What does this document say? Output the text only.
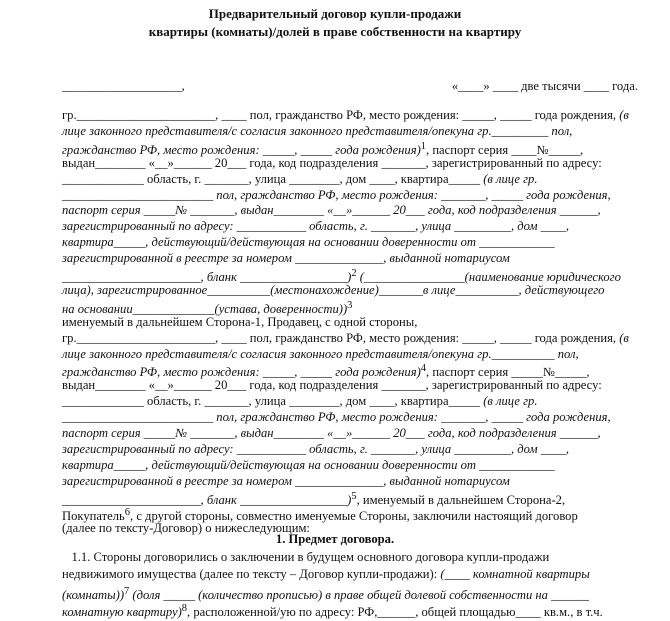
Предварительный договор купли-продажи
квартиры (комнаты)/долей в праве собственности на квартиру
___________________,	«____» ____ две тысячи ____ года.
гр.______________________, ____ пол, гражданство РФ, место рождения: _____, _____ года рождения, (в
лице законного представителя/с согласия законного представителя/опекуна гр._________ пол,
гражданство РФ, место рождения: _____, _____ года рождения)$^1$, паспорт серия ____№_____,
выдан________ «__»______ 20___ года, код подразделения _______, зарегистрированный по адресу:
_____________ область, г. _______, улица ________, дом ____, квартира_____ (в лице гр.
________________________ пол, гражданство РФ, место рождения: _______, _____ года рождения,
паспорт серия _____№ _______, выдан________ «__»______ 20___ года, код подразделения ______,
зарегистрированный по адресу: ___________ область, г. _______, улица _________, дом ____,
квартира_____, действующий/действующая на основании доверенности от ____________
зарегистрированной в реестре за номером ______________, выданной нотариусом
______________________, бланк _________________)$^2$ (________________(наименование юридического
лица), зарегистрированное__________(местонахождение)_______в лице__________, действующего
на основании_____________(устава, доверенности))$^3$
именуемый в дальнейшем Сторона-1, Продавец, с одной стороны,
гр.______________________, ____ пол, гражданство РФ, место рождения: _____, _____ года рождения, (в
лице законного представителя/с согласия законного представителя/опекуна гр.__________ пол,
гражданство РФ, место рождения: _____, _____ года рождения)$^4$, паспорт серия _____№_____,
выдан________ «__»______ 20___ года, код подразделения _______, зарегистрированный по адресу:
_____________ область, г. _______, улица ________, дом ____, квартира_____ (в лице гр.
________________________ пол, гражданство РФ, место рождения: _______, _____ года рождения,
паспорт серия _____№ _______, выдан________ «__»______ 20___ года, код подразделения ______,
зарегистрированный по адресу: ___________ область, г. _______, улица _________, дом ____,
квартира_____, действующий/действующая на основании доверенности от ____________
зарегистрированной в реестре за номером ______________, выданной нотариусом
______________________, бланк _________________)$^5$, именуемый в дальнейшем Сторона-2,
Покупатель$^6$, с другой стороны, совместно именуемые Стороны, заключили настоящий договор
(далее по тексту-Договор) о нижеследующим:
1. Предмет договора.
1.1. Стороны договорились о заключении в будущем основного договора купли-продажи
недвижимого имущества (далее по тексту – Договор купли-продажи): (____ комнатной квартиры
(комнаты))$^7$ (доля _____ (количество прописью) в праве общей долевой собственности на ______
комнатную квартиру)$^8$, расположенной/ую по адресу: РФ,______, общей площадью____ кв.м., в т.ч.
